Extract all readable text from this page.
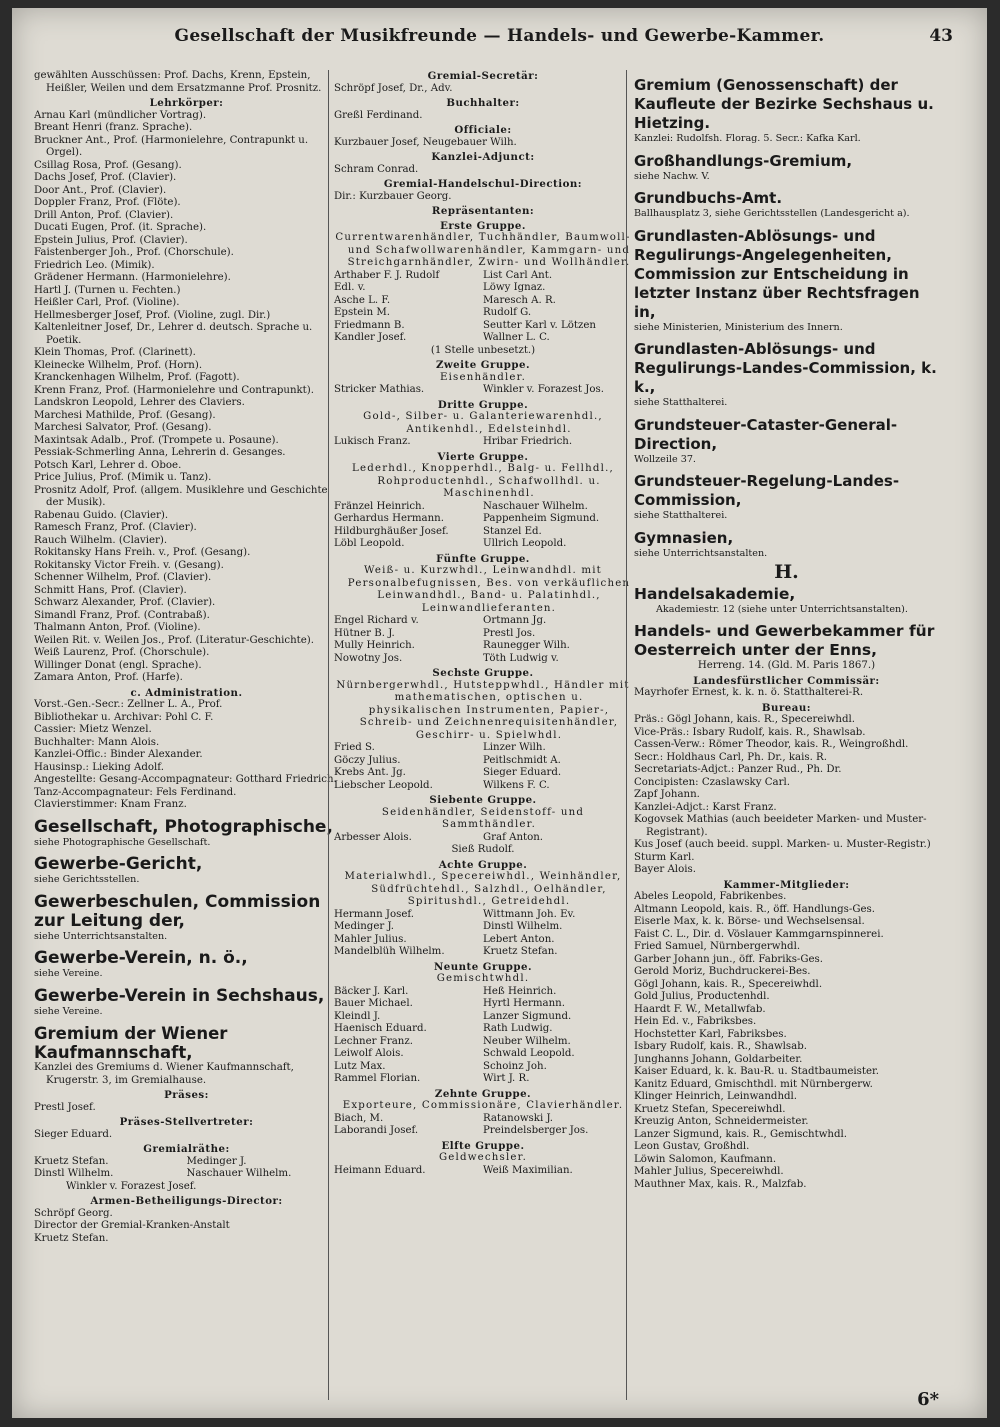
Gesellschaft der Musikfreunde — Handels- und Gewerbe-Kammer.	43
gewählten Ausschüssen: Prof. Dachs, Krenn, Epstein, Heißler, Weilen und dem Ersatzmanne Prof. Prosnitz.
Lehrkörper:
Arnau Karl (mündlicher Vortrag).
Breant Henri (franz. Sprache).
Bruckner Ant., Prof. (Harmonielehre, Contrapunkt u. Orgel).
Csillag Rosa, Prof. (Gesang).
Dachs Josef, Prof. (Clavier).
Door Ant., Prof. (Clavier).
Doppler Franz, Prof. (Flöte).
Drill Anton, Prof. (Clavier).
Ducati Eugen, Prof. (it. Sprache).
Epstein Julius, Prof. (Clavier).
Faistenberger Joh., Prof. (Chorschule).
Friedrich Leo. (Mimik).
Grädener Hermann. (Harmonielehre).
Hartl J. (Turnen u. Fechten.)
Heißler Carl, Prof. (Violine).
Hellmesberger Josef, Prof. (Violine, zugl. Dir.)
Kaltenleitner Josef, Dr., Lehrer d. deutsch. Sprache u. Poetik.
Klein Thomas, Prof. (Clarinett).
Kleinecke Wilhelm, Prof. (Horn).
Kranckenhagen Wilhelm, Prof. (Fagott).
Krenn Franz, Prof. (Harmonielehre und Contrapunkt).
Landskron Leopold, Lehrer des Claviers.
Marchesi Mathilde, Prof. (Gesang).
Marchesi Salvator, Prof. (Gesang).
Maxintsak Adalb., Prof. (Trompete u. Posaune).
Pessiak-Schmerling Anna, Lehrerin d. Gesanges.
Potsch Karl, Lehrer d. Oboe.
Price Julius, Prof. (Mimik u. Tanz).
Prosnitz Adolf, Prof. (allgem. Musiklehre und Geschichte der Musik).
Rabenau Guido. (Clavier).
Ramesch Franz, Prof. (Clavier).
Rauch Wilhelm. (Clavier).
Rokitansky Hans Freih. v., Prof. (Gesang).
Rokitansky Victor Freih. v. (Gesang).
Schenner Wilhelm, Prof. (Clavier).
Schmitt Hans, Prof. (Clavier).
Schwarz Alexander, Prof. (Clavier).
Simandl Franz, Prof. (Contrabaß).
Thalmann Anton, Prof. (Violine).
Weilen Rit. v. Weilen Jos., Prof. (Literatur-Geschichte).
Weiß Laurenz, Prof. (Chorschule).
Willinger Donat (engl. Sprache).
Zamara Anton, Prof. (Harfe).
c. Administration.
Vorst.-Gen.-Secr.: Zellner L. A., Prof.
Bibliothekar u. Archivar: Pohl C. F.
Cassier: Mietz Wenzel.
Buchhalter: Mann Alois.
Kanzlei-Offic.: Binder Alexander.
Hausinsp.: Lieking Adolf.
Angestellte: Gesang-Accompagnateur: Gotthard Friedrich.
Tanz-Accompagnateur: Fels Ferdinand.
Clavierstimmer: Knam Franz.
Gesellschaft, Photographische,
siehe Photographische Gesellschaft.
Gewerbe-Gericht,
siehe Gerichtsstellen.
Gewerbeschulen, Commission zur Leitung der,
siehe Unterrichtsanstalten.
Gewerbe-Verein, n. ö.,
siehe Vereine.
Gewerbe-Verein in Sechshaus,
siehe Vereine.
Gremium der Wiener Kaufmannschaft,
Kanzlei des Gremiums d. Wiener Kaufmannschaft, Krugerstr. 3, im Gremialhause.
Präses:
Prestl Josef.
Präses-Stellvertreter:
Sieger Eduard.
Gremialräthe:
Kruetz Stefan.	Medinger J.
Dinstl Wilhelm.	Naschauer Wilhelm.
Winkler v. Forazest Josef.
Armen-Betheiligungs-Director:
Schröpf Georg.
Director der Gremial-Kranken-Anstalt
Kruetz Stefan.
Gremial-Secretär:
Schröpf Josef, Dr., Adv.
Buchhalter:
Greßl Ferdinand.
Officiale:
Kurzbauer Josef, Neugebauer Wilh.
Kanzlei-Adjunct:
Schram Conrad.
Gremial-Handelschul-Direction:
Dir.: Kurzbauer Georg.
Repräsentanten:
Erste Gruppe.
Currentwarenhändler, Tuchhändler, Baumwoll- und Schafwollwarenhändler, Kammgarn- und Streichgarnhändler, Zwirn- und Wollhändler.
Arthaber F. J. Rudolf	List Carl Ant.
Edl. v.	Löwy Ignaz.
Asche L. F.	Maresch A. R.
Epstein M.	Rudolf G.
Friedmann B.	Seutter Karl v. Lötzen
Kandler Josef.	Wallner L. C.
(1 Stelle unbesetzt.)
Zweite Gruppe.
Eisenhändler.
Stricker Mathias.	Winkler v. Forazest Jos.
Dritte Gruppe.
Gold-, Silber- u. Galanteriewarenhdl., Antikenhdl., Edelsteinhdl.
Lukisch Franz.	Hribar Friedrich.
Vierte Gruppe.
Lederhdl., Knopperhdl., Balg- u. Fellhdl., Rohproductenhdl., Schafwollhdl. u. Maschinenhdl.
Fränzel Heinrich.	Naschauer Wilhelm.
Gerhardus Hermann.	Pappenheim Sigmund.
Hildburghäußer Josef.	Stanzel Ed.
Löbl Leopold.	Ullrich Leopold.
Fünfte Gruppe.
Weiß- u. Kurzwhdl., Leinwandhdl. mit Personalbefugnissen, Bes. von verkäuflichen Leinwandhdl., Band- u. Palatinhdl., Leinwandlieferanten.
Engel Richard v.	Ortmann Jg.
Hütner B. J.	Prestl Jos.
Mully Heinrich.	Raunegger Wilh.
Nowotny Jos.	Töth Ludwig v.
Sechste Gruppe.
Nürnbergerwhdl., Hutsteppwhdl., Händler mit mathematischen, optischen u. physikalischen Instrumenten, Papier-, Schreib- und Zeichnenrequisitenhändler, Geschirr- u. Spielwhdl.
Fried S.	Linzer Wilh.
Göczy Julius.	Peitlschmidt A.
Krebs Ant. Jg.	Sieger Eduard.
Liebscher Leopold.	Wilkens F. C.
Siebente Gruppe.
Seidenhändler, Seidenstoff- und Sammthändler.
Arbesser Alois.	Graf Anton.
Sieß Rudolf.
Achte Gruppe.
Materialwhdl., Specereiwhdl., Weinhändler, Südfrüchtehdl., Salzhdl., Oelhändler, Spiritushdl., Getreidehdl.
Hermann Josef.	Wittmann Joh. Ev.
Medinger J.	Dinstl Wilhelm.
Mahler Julius.	Lebert Anton.
Mandelblüh Wilhelm.	Kruetz Stefan.
Neunte Gruppe.
Gemischtwhdl.
Bäcker J. Karl.	Heß Heinrich.
Bauer Michael.	Hyrtl Hermann.
Kleindl J.	Lanzer Sigmund.
Haenisch Eduard.	Rath Ludwig.
Lechner Franz.	Neuber Wilhelm.
Leiwolf Alois.	Schwald Leopold.
Lutz Max.	Schoinz Joh.
Rammel Florian.	Wirt J. R.
Zehnte Gruppe.
Exporteure, Commissionäre, Clavierhändler.
Biach, M.	Ratanowski J.
Laborandi Josef.	Preindelsberger Jos.
Elfte Gruppe.
Geldwechsler.
Heimann Eduard.	Weiß Maximilian.
Gremium (Genossenschaft) der Kaufleute der Bezirke Sechshaus u. Hietzing.
Kanzlei: Rudolfsh. Florag. 5. Secr.: Kafka Karl.
Großhandlungs-Gremium,
siehe Nachw. V.
Grundbuchs-Amt.
Ballhausplatz 3, siehe Gerichtsstellen (Landesgericht a).
Grundlasten-Ablösungs- und Regulirungs-Angelegenheiten, Commission zur Entscheidung in letzter Instanz über Rechtsfragen in,
siehe Ministerien, Ministerium des Innern.
Grundlasten-Ablösungs- und Regulirungs-Landes-Commission, k. k.,
siehe Statthalterei.
Grundsteuer-Cataster-General-Direction,
Wollzeile 37.
Grundsteuer-Regelung-Landes-Commission,
siehe Statthalterei.
Gymnasien,
siehe Unterrichtsanstalten.
H.
Handelsakademie,
Akademiestr. 12 (siehe unter Unterrichtsanstalten).
Handels- und Gewerbekammer für Oesterreich unter der Enns,
Herreng. 14. (Gld. M. Paris 1867.)
Landesfürstlicher Commissär:
Mayrhofer Ernest, k. k. n. ö. Statthalterei-R.
Bureau:
Präs.: Gögl Johann, kais. R., Specereiwhdl.
Vice-Präs.: Isbary Rudolf, kais. R., Shawlsab.
Cassen-Verw.: Römer Theodor, kais. R., Weingroßhdl.
Secr.: Holdhaus Carl, Ph. Dr., kais. R.
Secretariats-Adjct.: Panzer Rud., Ph. Dr.
Concipisten: Czaslawsky Carl.
Zapf Johann.
Kanzlei-Adjct.: Karst Franz.
Kogovsek Mathias (auch beeideter Marken- und Muster-Registrant).
Kus Josef (auch beeid. suppl. Marken- u. Muster-Registr.)
Sturm Karl.
Bayer Alois.
Kammer-Mitglieder:
Abeles Leopold, Fabrikenbes.
Altmann Leopold, kais. R., öff. Handlungs-Ges.
Eiserle Max, k. k. Börse- und Wechselsensal.
Faist C. L., Dir. d. Vöslauer Kammgarnspinnerei.
Fried Samuel, Nürnbergerwhdl.
Garber Johann jun., öff. Fabriks-Ges.
Gerold Moriz, Buchdruckerei-Bes.
Gögl Johann, kais. R., Specereiwhdl.
Gold Julius, Productenhdl.
Haardt F. W., Metallwfab.
Hein Ed. v., Fabriksbes.
Hochstetter Karl, Fabriksbes.
Isbary Rudolf, kais. R., Shawlsab.
Junghanns Johann, Goldarbeiter.
Kaiser Eduard, k. k. Bau-R. u. Stadtbaumeister.
Kanitz Eduard, Gmischthdl. mit Nürnbergerw.
Klinger Heinrich, Leinwandhdl.
Kruetz Stefan, Specereiwhdl.
Kreuzig Anton, Schneidermeister.
Lanzer Sigmund, kais. R., Gemischtwhdl.
Leon Gustav, Großhdl.
Löwin Salomon, Kaufmann.
Mahler Julius, Specereiwhdl.
Mauthner Max, kais. R., Malzfab.
6*
